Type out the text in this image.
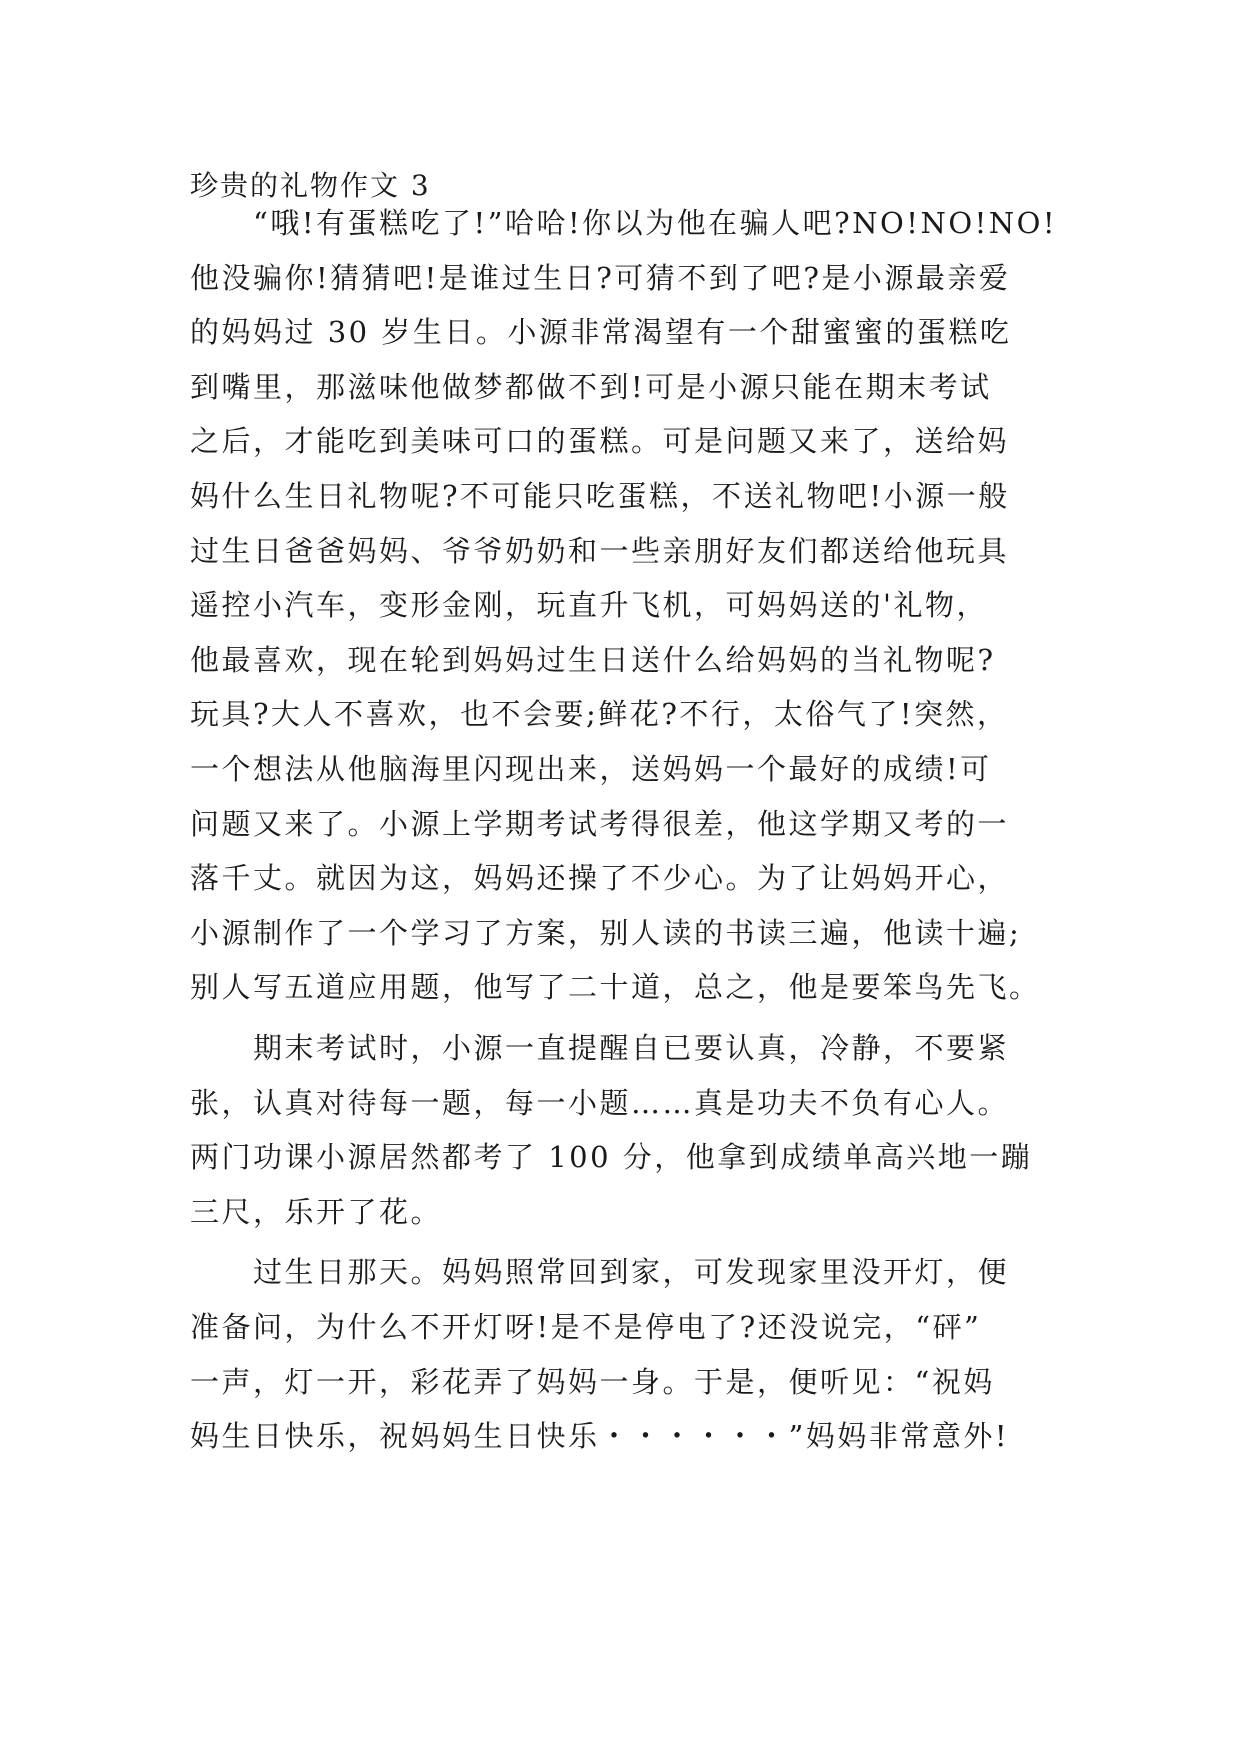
珍贵的礼物作文 3
　　“哦!有蛋糕吃了!”哈哈!你以为他在骗人吧?NO!NO!NO!
他没骗你!猜猜吧!是谁过生日?可猜不到了吧?是小源最亲爱
的妈妈过 30 岁生日。小源非常渴望有一个甜蜜蜜的蛋糕吃
到嘴里，那滋味他做梦都做不到!可是小源只能在期末考试
之后，才能吃到美味可口的蛋糕。可是问题又来了，送给妈
妈什么生日礼物呢?不可能只吃蛋糕，不送礼物吧!小源一般
过生日爸爸妈妈、爷爷奶奶和一些亲朋好友们都送给他玩具
遥控小汽车，变形金刚，玩直升飞机，可妈妈送的'礼物，
他最喜欢，现在轮到妈妈过生日送什么给妈妈的当礼物呢?
玩具?大人不喜欢，也不会要;鲜花?不行，太俗气了!突然，
一个想法从他脑海里闪现出来，送妈妈一个最好的成绩!可
问题又来了。小源上学期考试考得很差，他这学期又考的一
落千丈。就因为这，妈妈还操了不少心。为了让妈妈开心，
小源制作了一个学习了方案，别人读的书读三遍，他读十遍;
别人写五道应用题，他写了二十道，总之，他是要笨鸟先飞。
　　期末考试时，小源一直提醒自已要认真，冷静，不要紧
张，认真对待每一题，每一小题……真是功夫不负有心人。
两门功课小源居然都考了 100 分，他拿到成绩单高兴地一蹦
三尺，乐开了花。
　　过生日那天。妈妈照常回到家，可发现家里没开灯，便
准备问，为什么不开灯呀!是不是停电了?还没说完，“砰”
一声，灯一开，彩花弄了妈妈一身。于是，便听见：“祝妈
妈生日快乐，祝妈妈生日快乐・・・・・・”妈妈非常意外!
